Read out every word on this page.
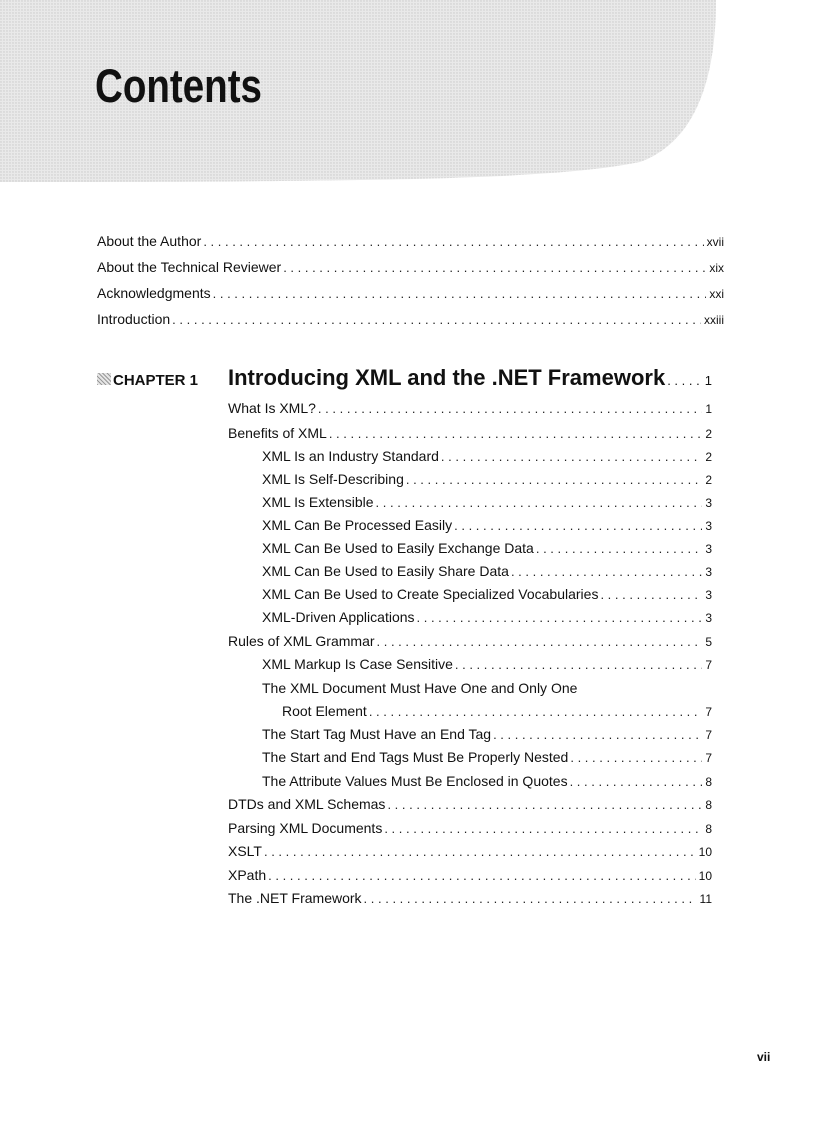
Contents
About the Author . . .	xvii
About the Technical Reviewer . . .	xix
Acknowledgments . . .	xxi
Introduction . . .	xxiii
CHAPTER 1 Introducing XML and the .NET Framework . . .	1
What Is XML? . . .	1
Benefits of XML . . .	2
XML Is an Industry Standard . . .	2
XML Is Self-Describing . . .	2
XML Is Extensible . . .	3
XML Can Be Processed Easily . . .	3
XML Can Be Used to Easily Exchange Data . . .	3
XML Can Be Used to Easily Share Data . . .	3
XML Can Be Used to Create Specialized Vocabularies . . .	3
XML-Driven Applications . . .	3
Rules of XML Grammar . . .	5
XML Markup Is Case Sensitive . . .	7
The XML Document Must Have One and Only One
Root Element . . .	7
The Start Tag Must Have an End Tag . . .	7
The Start and End Tags Must Be Properly Nested . . .	7
The Attribute Values Must Be Enclosed in Quotes . . .	8
DTDs and XML Schemas . . .	8
Parsing XML Documents . . .	8
XSLT . . .	10
XPath . . .	10
The .NET Framework . . .	11
vii
